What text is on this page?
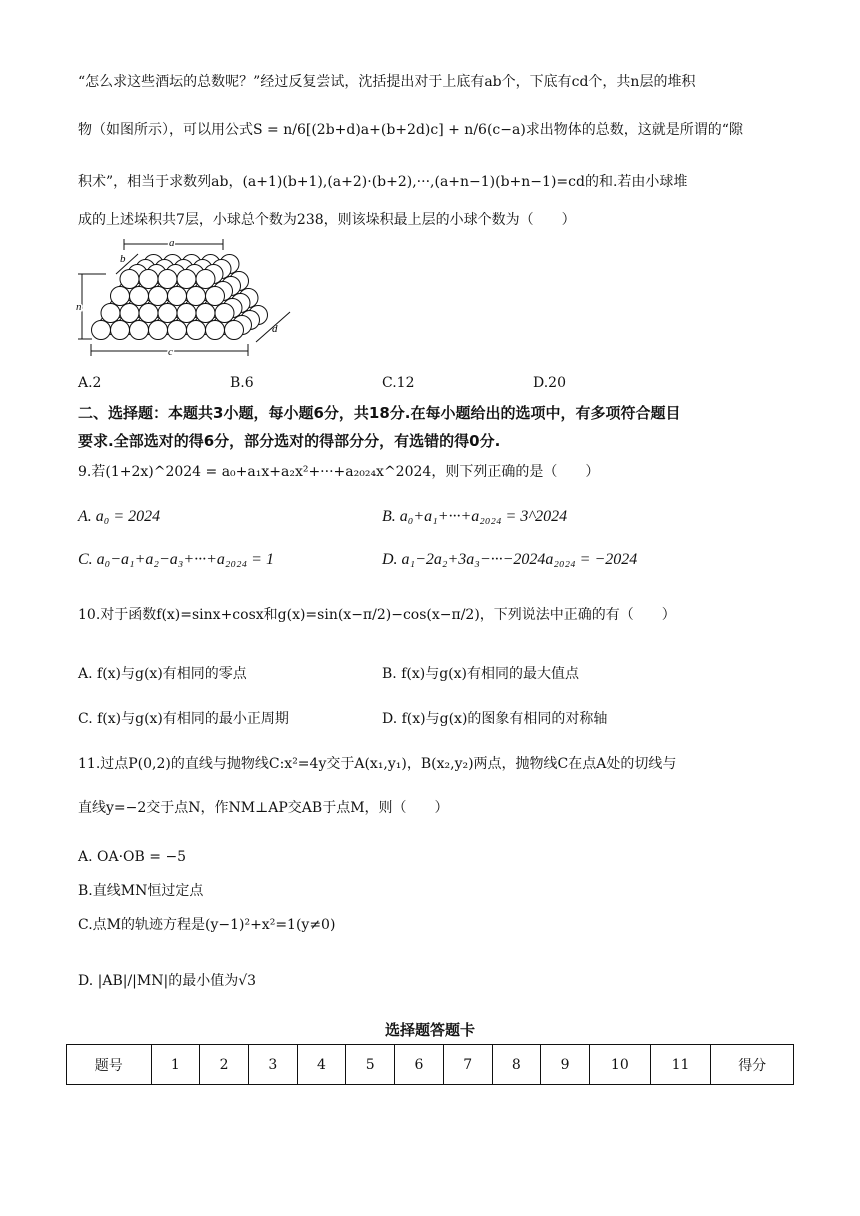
“怎么求这些酒坛的总数呢？”经过反复尝试，沈括提出对于上底有ab个，下底有cd个，共n层的堆积
物（如图所示），可以用公式S = n/6[(2b+d)a+(b+2d)c] + n/6(c−a)求出物体的总数，这就是所谓的“隙
积术”，相当于求数列ab，(a+1)(b+1),(a+2)·(b+2),···,(a+n−1)(b+n−1)=cd的和.若由小球堆
成的上述垛积共7层，小球总个数为238，则该垛积最上层的小球个数为（　　）
a
b
n
c
d
A.2	B.6	C.12	D.20
二、选择题：本题共3小题，每小题6分，共18分.在每小题给出的选项中，有多项符合题目
要求.全部选对的得6分，部分选对的得部分分，有选错的得0分.
9.若(1+2x)^2024 = a₀+a₁x+a₂x²+···+a₂₀₂₄x^2024，则下列正确的是（　　）
A. a₀ = 2024	B. a₀+a₁+···+a₂₀₂₄ = 3^2024
C. a₀−a₁+a₂−a₃+···+a₂₀₂₄ = 1	D. a₁−2a₂+3a₃−···−2024a₂₀₂₄ = −2024
10.对于函数f(x)=sinx+cosx和g(x)=sin(x−π/2)−cos(x−π/2)，下列说法中正确的有（　　）
A. f(x)与g(x)有相同的零点	B. f(x)与g(x)有相同的最大值点
C. f(x)与g(x)有相同的最小正周期	D. f(x)与g(x)的图象有相同的对称轴
11.过点P(0,2)的直线与抛物线C:x²=4y交于A(x₁,y₁)，B(x₂,y₂)两点，抛物线C在点A处的切线与
直线y=−2交于点N，作NM⊥AP交AB于点M，则（　　）
A. OA·OB = −5
B.直线MN恒过定点
C.点M的轨迹方程是(y−1)²+x²=1(y≠0)
D. |AB|/|MN|的最小值为√3
选择题答题卡
题号	1	2	3	4	5	6	7	8	9	10	11	得分
